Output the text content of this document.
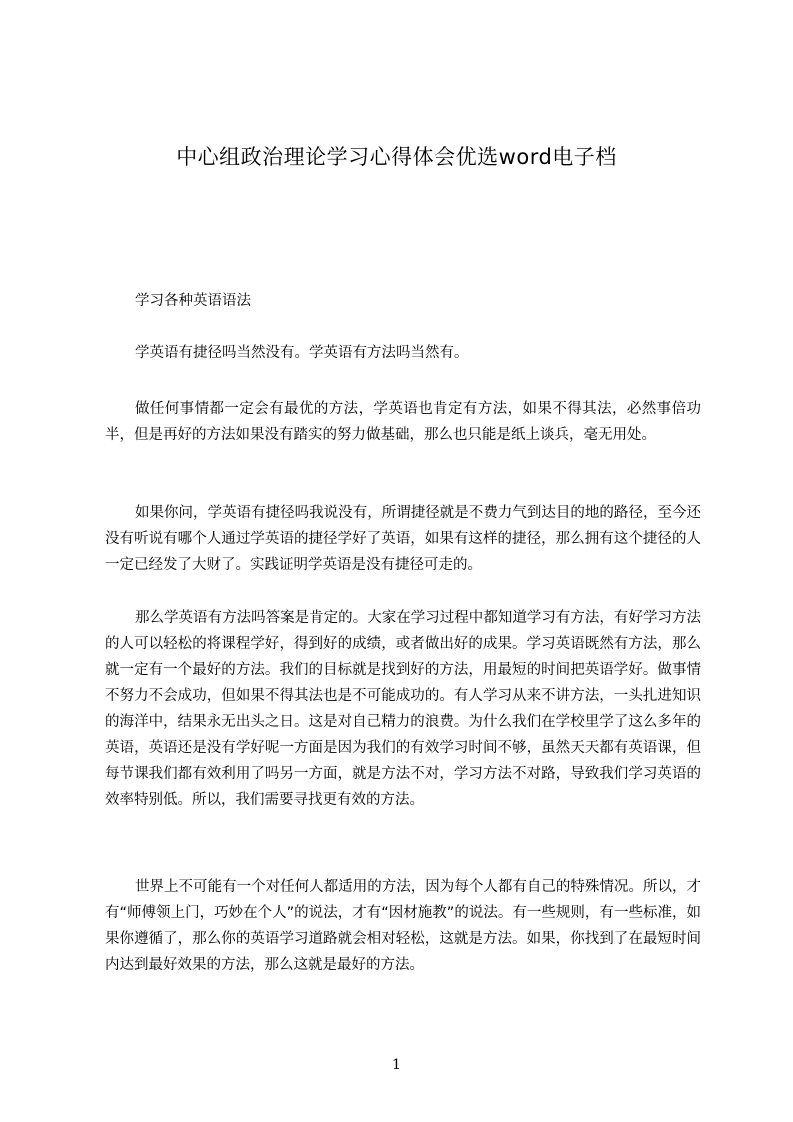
中心组政治理论学习心得体会优选word电子档

学习各种英语语法

学英语有捷径吗当然没有。学英语有方法吗当然有。

做任何事情都一定会有最优的方法，学英语也肯定有方法，如果不得其法，必然事倍功半，但是再好的方法如果没有踏实的努力做基础，那么也只能是纸上谈兵，毫无用处。

如果你问，学英语有捷径吗我说没有，所谓捷径就是不费力气到达目的地的路径，至今还没有听说有哪个人通过学英语的捷径学好了英语，如果有这样的捷径，那么拥有这个捷径的人一定已经发了大财了。实践证明学英语是没有捷径可走的。

那么学英语有方法吗答案是肯定的。大家在学习过程中都知道学习有方法，有好学习方法的人可以轻松的将课程学好，得到好的成绩，或者做出好的成果。学习英语既然有方法，那么就一定有一个最好的方法。我们的目标就是找到好的方法，用最短的时间把英语学好。做事情不努力不会成功，但如果不得其法也是不可能成功的。有人学习从来不讲方法，一头扎进知识的海洋中，结果永无出头之日。这是对自己精力的浪费。为什么我们在学校里学了这么多年的英语，英语还是没有学好呢一方面是因为我们的有效学习时间不够，虽然天天都有英语课，但每节课我们都有效利用了吗另一方面，就是方法不对，学习方法不对路，导致我们学习英语的效率特别低。所以，我们需要寻找更有效的方法。

世界上不可能有一个对任何人都适用的方法，因为每个人都有自己的特殊情况。所以，才有“师傅领上门，巧妙在个人”的说法，才有“因材施教”的说法。有一些规则，有一些标准，如果你遵循了，那么你的英语学习道路就会相对轻松，这就是方法。如果，你找到了在最短时间内达到最好效果的方法，那么这就是最好的方法。

1
